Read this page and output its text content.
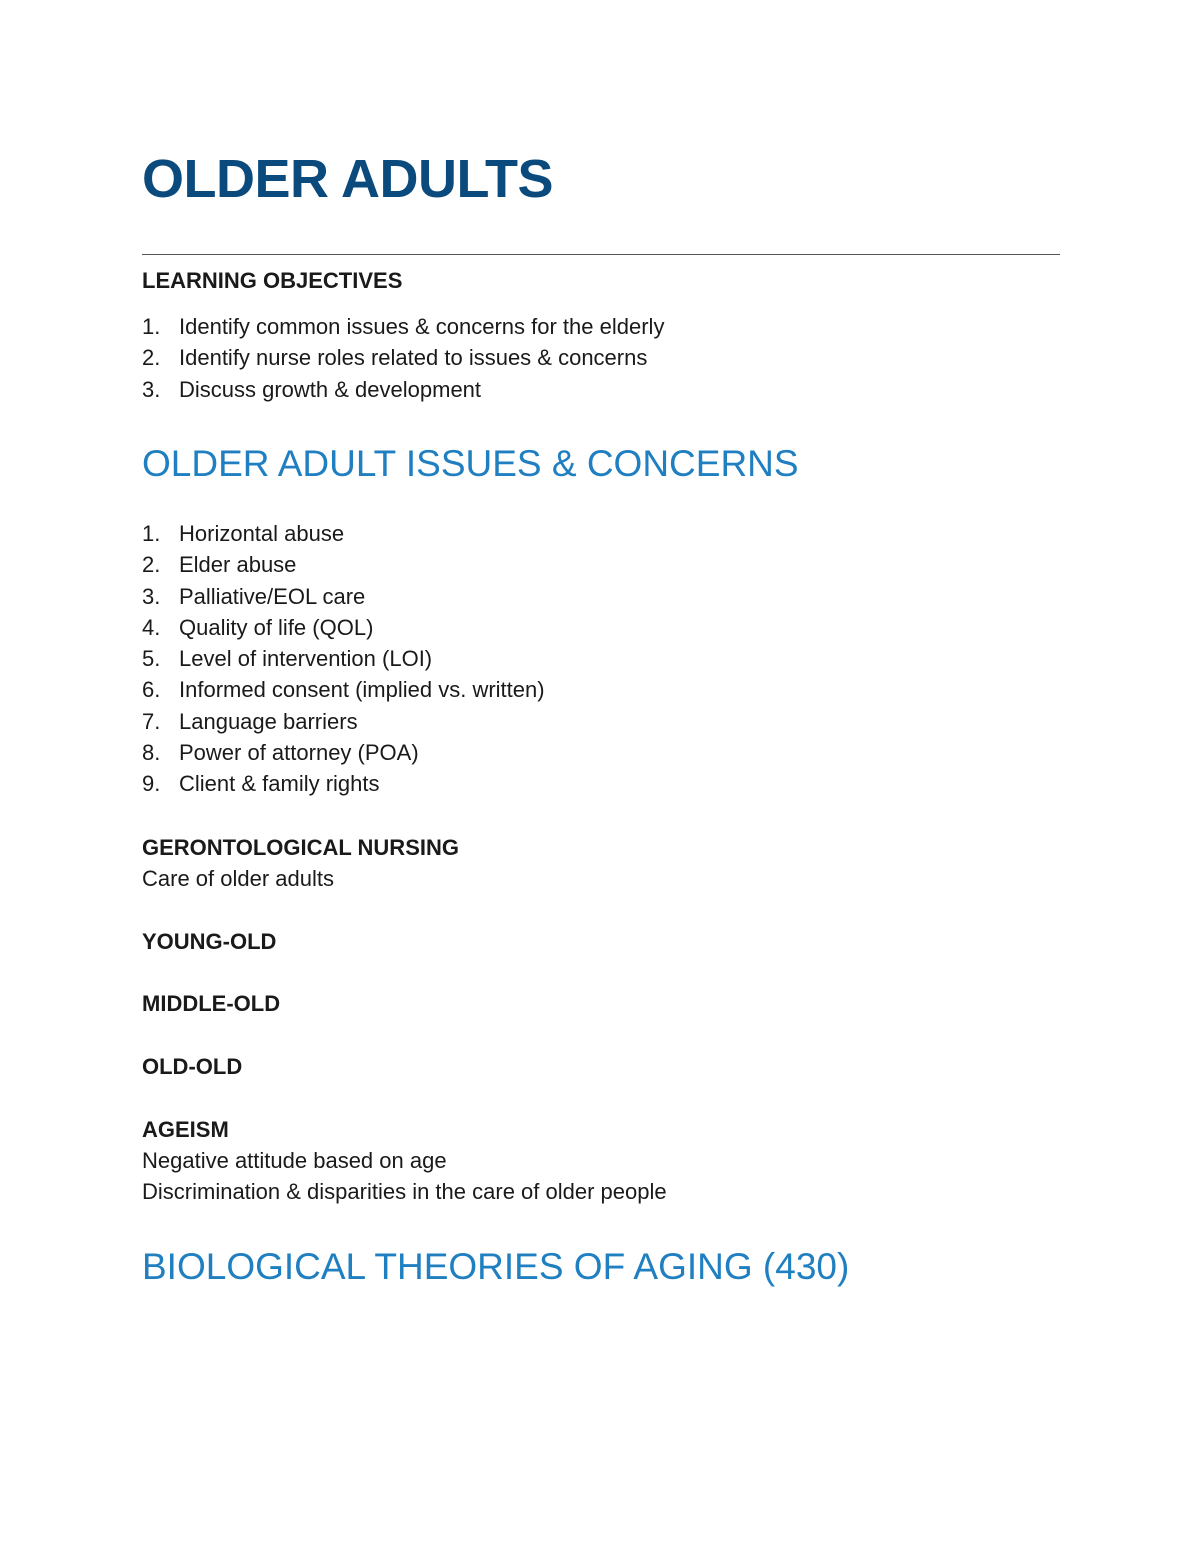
OLDER ADULTS
LEARNING OBJECTIVES
1. Identify common issues & concerns for the elderly
2. Identify nurse roles related to issues & concerns
3. Discuss growth & development
OLDER ADULT ISSUES & CONCERNS
1. Horizontal abuse
2. Elder abuse
3. Palliative/EOL care
4. Quality of life (QOL)
5. Level of intervention (LOI)
6. Informed consent (implied vs. written)
7. Language barriers
8. Power of attorney (POA)
9. Client & family rights
GERONTOLOGICAL NURSING

Care of older adults

YOUNG-OLD
MIDDLE-OLD
OLD-OLD
AGEISM

Negative attitude based on age

Discrimination & disparities in the care of older people

BIOLOGICAL THEORIES OF AGING (430)
